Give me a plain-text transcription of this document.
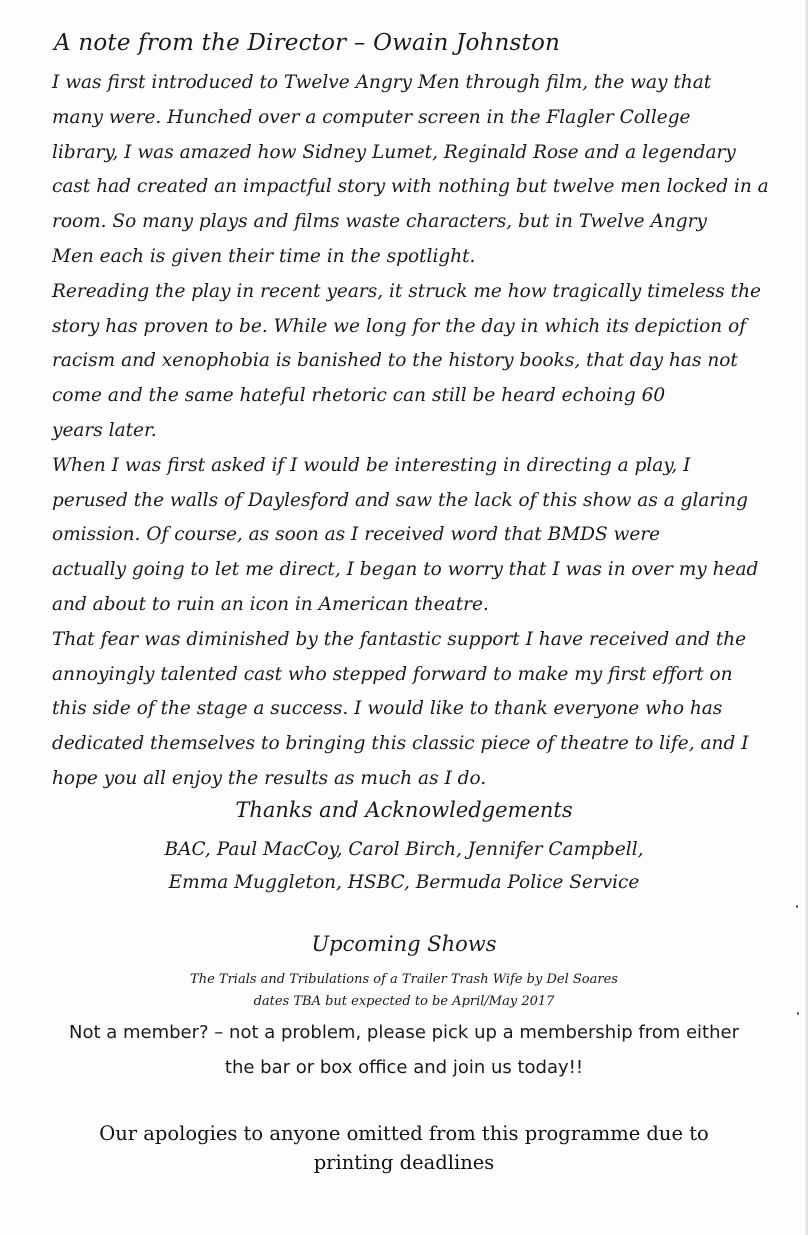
A note from the Director – Owain Johnston
I was first introduced to Twelve Angry Men through film, the way that
many were. Hunched over a computer screen in the Flagler College
library, I was amazed how Sidney Lumet, Reginald Rose and a legendary
cast had created an impactful story with nothing but twelve men locked in a
room. So many plays and films waste characters, but in Twelve Angry
Men each is given their time in the spotlight.
Rereading the play in recent years, it struck me how tragically timeless the
story has proven to be. While we long for the day in which its depiction of
racism and xenophobia is banished to the history books, that day has not
come and the same hateful rhetoric can still be heard echoing 60
years later.
When I was first asked if I would be interesting in directing a play, I
perused the walls of Daylesford and saw the lack of this show as a glaring
omission. Of course, as soon as I received word that BMDS were
actually going to let me direct, I began to worry that I was in over my head
and about to ruin an icon in American theatre.
That fear was diminished by the fantastic support I have received and the
annoyingly talented cast who stepped forward to make my first effort on
this side of the stage a success. I would like to thank everyone who has
dedicated themselves to bringing this classic piece of theatre to life, and I
hope you all enjoy the results as much as I do.
Thanks and Acknowledgements
BAC, Paul MacCoy, Carol Birch, Jennifer Campbell,
Emma Muggleton, HSBC, Bermuda Police Service
Upcoming Shows
The Trials and Tribulations of a Trailer Trash Wife by Del Soares
dates TBA but expected to be April/May 2017
Not a member? – not a problem, please pick up a membership from either
the bar or box office and join us today!!
Our apologies to anyone omitted from this programme due to
printing deadlines
